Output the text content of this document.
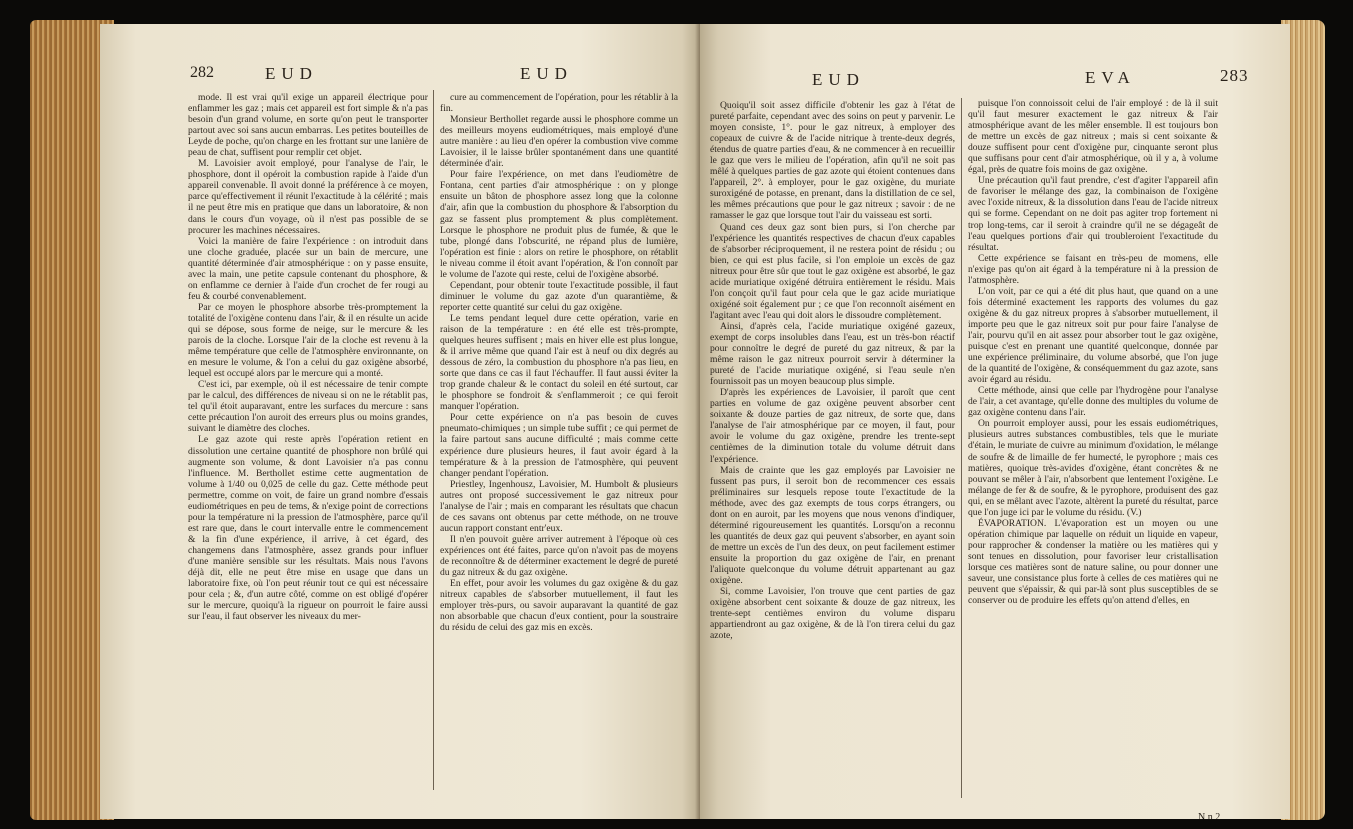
282	EUD	EUD

mode. Il est vrai qu'il exige un appareil électrique pour enflammer les gaz ; mais cet appareil est fort simple & n'a pas besoin d'un grand volume, en sorte qu'on peut le transporter partout avec soi sans aucun embarras. Les petites bouteilles de Leyde de poche, qu'on charge en les frottant sur une lanière de peau de chat, suffisent pour remplir cet objet.

M. Lavoisier avoit employé, pour l'analyse de l'air, le phosphore, dont il opéroit la combustion rapide à l'aide d'un appareil convenable. Il avoit donné la préférence à ce moyen, parce qu'effectivement il réunit l'exactitude à la célérité ; mais il ne peut être mis en pratique que dans un laboratoire, & non dans le cours d'un voyage, où il n'est pas possible de se procurer les machines nécessaires.

Voici la manière de faire l'expérience : on introduit dans une cloche graduée, placée sur un bain de mercure, une quantité déterminée d'air atmosphérique : on y passe ensuite, avec la main, une petite capsule contenant du phosphore, & on enflamme ce dernier à l'aide d'un crochet de fer rougi au feu & courbé convenablement.

Par ce moyen le phosphore absorbe très-promptement la totalité de l'oxigène contenu dans l'air, & il en résulte un acide qui se dépose, sous forme de neige, sur le mercure & les parois de la cloche. Lorsque l'air de la cloche est revenu à la même température que celle de l'atmosphère environnante, on en mesure le volume, & l'on a celui du gaz oxigène absorbé, lequel est occupé alors par le mercure qui a monté.

C'est ici, par exemple, où il est nécessaire de tenir compte par le calcul, des différences de niveau si on ne le rétablit pas, tel qu'il étoit auparavant, entre les surfaces du mercure : sans cette précaution l'on auroit des erreurs plus ou moins grandes, suivant le diamètre des cloches.

Le gaz azote qui reste après l'opération retient en dissolution une certaine quantité de phosphore non brûlé qui augmente son volume, & dont Lavoisier n'a pas connu l'influence. M. Berthollet estime cette augmentation de volume à 1/40 ou 0,025 de celle du gaz. Cette méthode peut permettre, comme on voit, de faire un grand nombre d'essais eudiométriques en peu de tems, & n'exige point de corrections pour la température ni la pression de l'atmosphère, parce qu'il est rare que, dans le court intervalle entre le commencement & la fin d'une expérience, il arrive, à cet égard, des changemens dans l'atmosphère, assez grands pour influer d'une manière sensible sur les résultats. Mais nous l'avons déjà dit, elle ne peut être mise en usage que dans un laboratoire fixe, où l'on peut réunir tout ce qui est nécessaire pour cela ; &, d'un autre côté, comme on est obligé d'opérer sur le mercure, quoiqu'à la rigueur on pourroit le faire aussi sur l'eau, il faut observer les niveaux du mer-

cure au commencement de l'opération, pour les rétablir à la fin.

Monsieur Berthollet regarde aussi le phosphore comme un des meilleurs moyens eudiométriques, mais employé d'une autre manière : au lieu d'en opérer la combustion vive comme Lavoisier, il le laisse brûler spontanément dans une quantité déterminée d'air.

Pour faire l'expérience, on met dans l'eudiomètre de Fontana, cent parties d'air atmosphérique : on y plonge ensuite un bâton de phosphore assez long que la colonne d'air, afin que la combustion du phosphore & l'absorption du gaz se fassent plus promptement & plus complètement. Lorsque le phosphore ne produit plus de fumée, & que le tube, plongé dans l'obscurité, ne répand plus de lumière, l'opération est finie : alors on retire le phosphore, on rétablit le niveau comme il étoit avant l'opération, & l'on connoît par le volume de l'azote qui reste, celui de l'oxigène absorbé.

Cependant, pour obtenir toute l'exactitude possible, il faut diminuer le volume du gaz azote d'un quarantième, & reporter cette quantité sur celui du gaz oxigène.

Le tems pendant lequel dure cette opération, varie en raison de la température : en été elle est très-prompte, quelques heures suffisent ; mais en hiver elle est plus longue, & il arrive même que quand l'air est à neuf ou dix degrés au dessous de zéro, la combustion du phosphore n'a pas lieu, en sorte que dans ce cas il faut l'échauffer. Il faut aussi éviter la trop grande chaleur & le contact du soleil en été surtout, car le phosphore se fondroit & s'enflammeroit ; ce qui feroit manquer l'opération.

Pour cette expérience on n'a pas besoin de cuves pneumato-chimiques ; un simple tube suffit ; ce qui permet de la faire partout sans aucune difficulté ; mais comme cette expérience dure plusieurs heures, il faut avoir égard à la température & à la pression de l'atmosphère, qui peuvent changer pendant l'opération.

Priestley, Ingenhousz, Lavoisier, M. Humbolt & plusieurs autres ont proposé successivement le gaz nitreux pour l'analyse de l'air ; mais en comparant les résultats que chacun de ces savans ont obtenus par cette méthode, on ne trouve aucun rapport constant entr'eux.

Il n'en pouvoit guère arriver autrement à l'époque où ces expériences ont été faites, parce qu'on n'avoit pas de moyens de reconnoître & de déterminer exactement le degré de pureté du gaz nitreux & du gaz oxigène.

En effet, pour avoir les volumes du gaz oxigène & du gaz nitreux capables de s'absorber mutuellement, il faut les employer très-purs, ou savoir auparavant la quantité de gaz non absorbable que chacun d'eux contient, pour la soustraire du résidu de celui des gaz mis en excès.

EUD	EVA	283

Quoiqu'il soit assez difficile d'obtenir les gaz à l'état de pureté parfaite, cependant avec des soins on peut y parvenir. Le moyen consiste, 1°. pour le gaz nitreux, à employer des copeaux de cuivre & de l'acide nitrique à trente-deux degrés, étendus de quatre parties d'eau, & ne commencer à en recueillir le gaz que vers le milieu de l'opération, afin qu'il ne soit pas mêlé à quelques parties de gaz azote qui étoient contenues dans l'appareil, 2°. à employer, pour le gaz oxigène, du muriate suroxigéné de potasse, en prenant, dans la distillation de ce sel, les mêmes précautions que pour le gaz nitreux ; savoir : de ne ramasser le gaz que lorsque tout l'air du vaisseau est sorti.

Quand ces deux gaz sont bien purs, si l'on cherche par l'expérience les quantités respectives de chacun d'eux capables de s'absorber réciproquement, il ne restera point de résidu ; ou bien, ce qui est plus facile, si l'on emploie un excès de gaz nitreux pour être sûr que tout le gaz oxigène est absorbé, le gaz acide muriatique oxigéné détruira entièrement le résidu. Mais l'on conçoit qu'il faut pour cela que le gaz acide muriatique oxigéné soit également pur ; ce que l'on reconnoît aisément en l'agitant avec l'eau qui doit alors le dissoudre complètement.

Ainsi, d'après cela, l'acide muriatique oxigéné gazeux, exempt de corps insolubles dans l'eau, est un très-bon réactif pour connoître le degré de pureté du gaz nitreux, & par la même raison le gaz nitreux pourroit servir à déterminer la pureté de l'acide muriatique oxigéné, si l'eau seule n'en fournissoit pas un moyen beaucoup plus simple.

D'après les expériences de Lavoisier, il paroît que cent parties en volume de gaz oxigène peuvent absorber cent soixante & douze parties de gaz nitreux, de sorte que, dans l'analyse de l'air atmosphérique par ce moyen, il faut, pour avoir le volume du gaz oxigène, prendre les trente-sept centièmes de la diminution totale du volume détruit dans l'expérience.

Mais de crainte que les gaz employés par Lavoisier ne fussent pas purs, il seroit bon de recommencer ces essais préliminaires sur lesquels repose toute l'exactitude de la méthode, avec des gaz exempts de tous corps étrangers, ou dont on en auroit, par les moyens que nous venons d'indiquer, déterminé rigoureusement les quantités. Lorsqu'on a reconnu les quantités de deux gaz qui peuvent s'absorber, en ayant soin de mettre un excès de l'un des deux, on peut facilement estimer ensuite la proportion du gaz oxigène de l'air, en prenant l'aliquote quelconque du volume détruit appartenant au gaz oxigène.

Si, comme Lavoisier, l'on trouve que cent parties de gaz oxigène absorbent cent soixante & douze de gaz nitreux, les trente-sept centièmes environ du volume disparu appartiendront au gaz oxigène, & de là l'on tirera celui du gaz azote,

puisque l'on connoissoit celui de l'air employé : de là il suit qu'il faut mesurer exactement le gaz nitreux & l'air atmosphérique avant de les mêler ensemble. Il est toujours bon de mettre un excès de gaz nitreux ; mais si cent soixante & douze suffisent pour cent d'oxigène pur, cinquante seront plus que suffisans pour cent d'air atmosphérique, où il y a, à volume égal, près de quatre fois moins de gaz oxigène.

Une précaution qu'il faut prendre, c'est d'agiter l'appareil afin de favoriser le mélange des gaz, la combinaison de l'oxigène avec l'oxide nitreux, & la dissolution dans l'eau de l'acide nitreux qui se forme. Cependant on ne doit pas agiter trop fortement ni trop long-tems, car il seroit à craindre qu'il ne se dégageât de l'eau quelques portions d'air qui troubleroient l'exactitude du résultat.

Cette expérience se faisant en très-peu de momens, elle n'exige pas qu'on ait égard à la température ni à la pression de l'atmosphère.

L'on voit, par ce qui a été dit plus haut, que quand on a une fois déterminé exactement les rapports des volumes du gaz oxigène & du gaz nitreux propres à s'absorber mutuellement, il importe peu que le gaz nitreux soit pur pour faire l'analyse de l'air, pourvu qu'il en ait assez pour absorber tout le gaz oxigène, puisque c'est en prenant une quantité quelconque, donnée par une expérience préliminaire, du volume absorbé, que l'on juge de la quantité de l'oxigène, & conséquemment du gaz azote, sans avoir égard au résidu.

Cette méthode, ainsi que celle par l'hydrogène pour l'analyse de l'air, a cet avantage, qu'elle donne des multiples du volume de gaz oxigène contenu dans l'air.

On pourroit employer aussi, pour les essais eudiométriques, plusieurs autres substances combustibles, tels que le muriate d'étain, le muriate de cuivre au minimum d'oxidation, le mélange de soufre & de limaille de fer humecté, le pyrophore ; mais ces matières, quoique très-avides d'oxigène, étant concrètes & ne pouvant se mêler à l'air, n'absorbent que lentement l'oxigène. Le mélange de fer & de soufre, & le pyrophore, produisent des gaz qui, en se mêlant avec l'azote, altèrent la pureté du résultat, parce que l'on juge ici par le volume du résidu. (V.)

ÉVAPORATION. L'évaporation est un moyen ou une opération chimique par laquelle on réduit un liquide en vapeur, pour rapprocher & condenser la matière ou les matières qui y sont tenues en dissolution, pour favoriser leur cristallisation lorsque ces matières sont de nature saline, ou pour donner une saveur, une consistance plus forte à celles de ces matières qui ne peuvent que s'épaissir, & qui par-là sont plus susceptibles de se conserver ou de produire les effets qu'on attend d'elles, en

N n 2
